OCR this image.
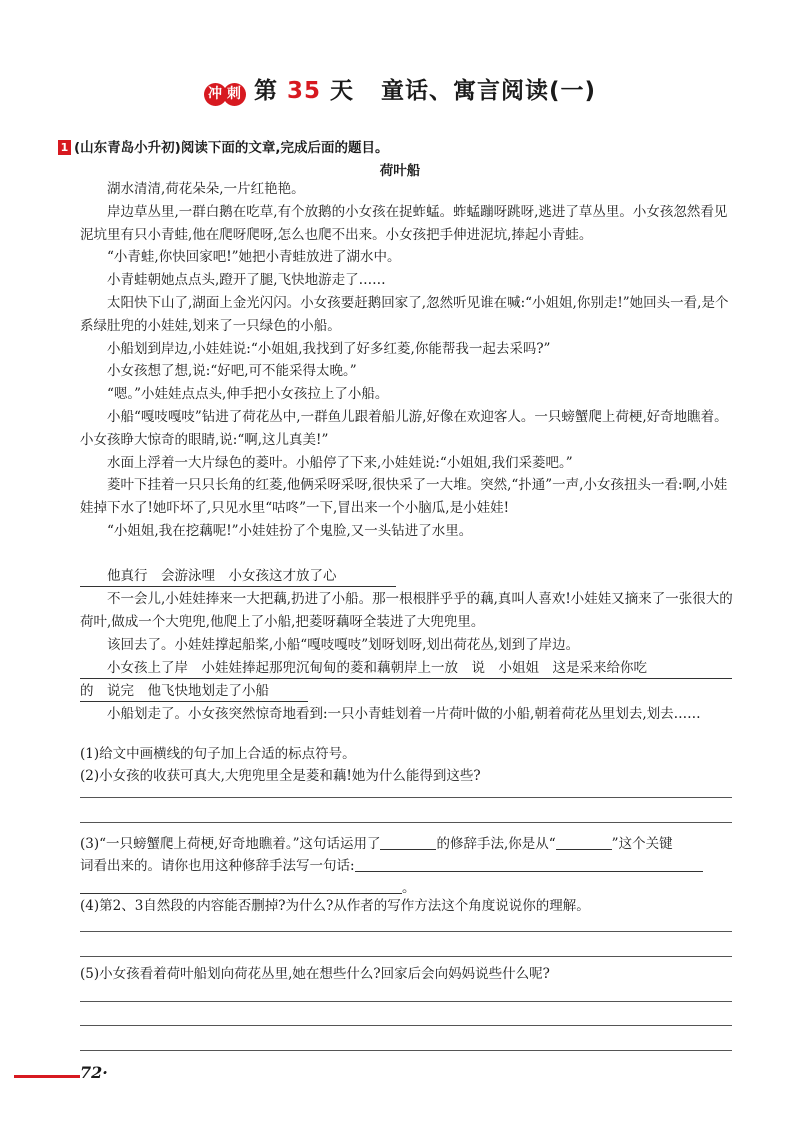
冲 刺 第 35 天 童话、寓言阅读(一)
1 (山东青岛小升初)阅读下面的文章,完成后面的题目。
荷叶船

湖水清清,荷花朵朵,一片红艳艳。

岸边草丛里,一群白鹅在吃草,有个放鹅的小女孩在捉蚱蜢。蚱蜢蹦呀跳呀,逃进了草丛里。小女孩忽然看见泥坑里有只小青蛙,他在爬呀爬呀,怎么也爬不出来。小女孩把手伸进泥坑,捧起小青蛙。

“小青蛙,你快回家吧!”她把小青蛙放进了湖水中。

小青蛙朝她点点头,蹬开了腿,飞快地游走了……

太阳快下山了,湖面上金光闪闪。小女孩要赶鹅回家了,忽然听见谁在喊:“小姐姐,你别走!”她回头一看,是个系绿肚兜的小娃娃,划来了一只绿色的小船。

小船划到岸边,小娃娃说:“小姐姐,我找到了好多红菱,你能帮我一起去采吗?”

小女孩想了想,说:“好吧,可不能采得太晚。”

“嗯。”小娃娃点点头,伸手把小女孩拉上了小船。

小船“嘎吱嘎吱”钻进了荷花丛中,一群鱼儿跟着船儿游,好像在欢迎客人。一只螃蟹爬上荷梗,好奇地瞧着。小女孩睁大惊奇的眼睛,说:“啊,这儿真美!”

水面上浮着一大片绿色的菱叶。小船停了下来,小娃娃说:“小姐姐,我们采菱吧。”

菱叶下挂着一只只长角的红菱,他俩采呀采呀,很快采了一大堆。突然,“扑通”一声,小女孩扭头一看:啊,小娃娃掉下水了!她吓坏了,只见水里“咕咚”一下,冒出来一个小脑瓜,是小娃娃!

“小姐姐,我在挖藕呢!”小娃娃扮了个鬼脸,又一头钻进了水里。

他真行　会游泳哩　小女孩这才放了心

不一会儿,小娃娃捧来一大把藕,扔进了小船。那一根根胖乎乎的藕,真叫人喜欢!小娃娃又摘来了一张很大的荷叶,做成一个大兜兜,他爬上了小船,把菱呀藕呀全装进了大兜兜里。

该回去了。小娃娃撑起船桨,小船“嘎吱嘎吱”划呀划呀,划出荷花丛,划到了岸边。

小女孩上了岸　小娃娃捧起那兜沉甸甸的菱和藕朝岸上一放　说　小姐姐　这是采来给你吃

的　说完　他飞快地划走了小船

小船划走了。小女孩突然惊奇地看到:一只小青蛙划着一片荷叶做的小船,朝着荷花丛里划去,划去……

(1)给文中画横线的句子加上合适的标点符号。

(2)小女孩的收获可真大,大兜兜里全是菱和藕!她为什么能得到这些?

(3)“一只螃蟹爬上荷梗,好奇地瞧着。”这句话运用了	的修辞手法,你是从“	”这个关键
词看出来的。请你也用这种修辞手法写一句话:
。

(4)第2、3自然段的内容能否删掉?为什么?从作者的写作方法这个角度说说你的理解。

(5)小女孩看着荷叶船划向荷花丛里,她在想些什么?回家后会向妈妈说些什么呢?

72·
